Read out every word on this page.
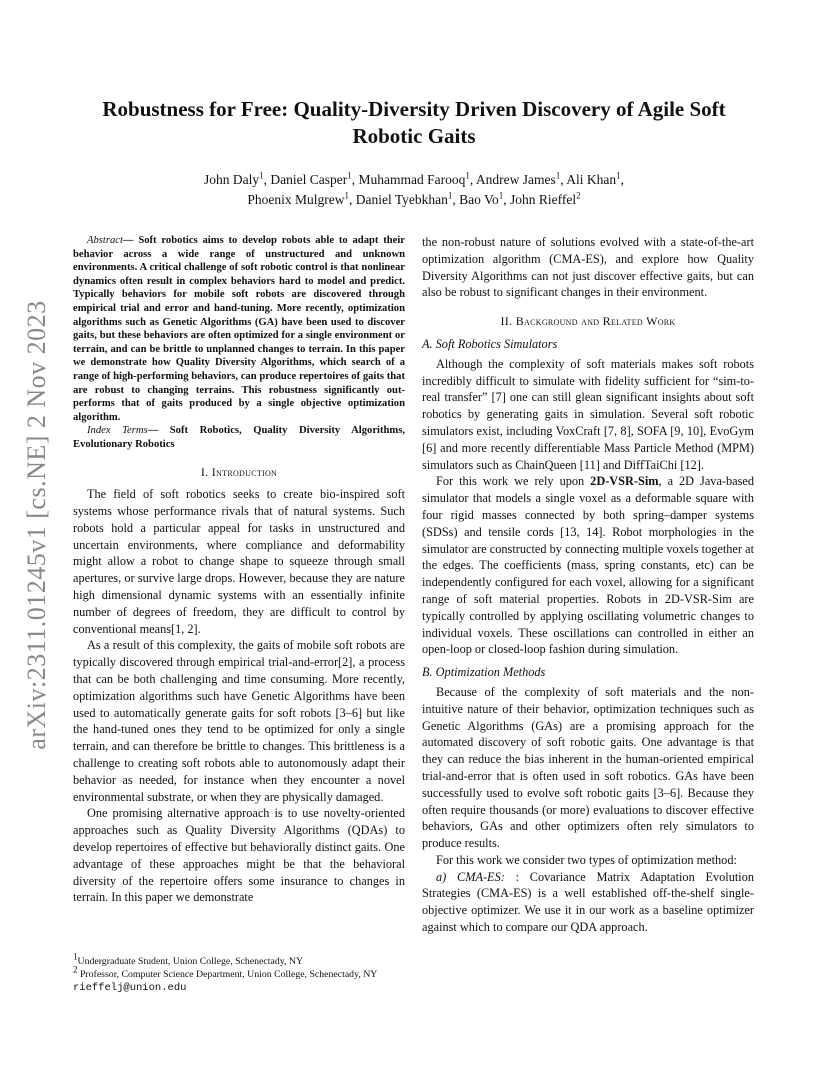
arXiv:2311.01245v1 [cs.NE] 2 Nov 2023
Robustness for Free: Quality-Diversity Driven Discovery of Agile Soft Robotic Gaits
John Daly$^1$, Daniel Casper$^1$, Muhammad Farooq$^1$, Andrew James$^1$, Ali Khan$^1$,
Phoenix Mulgrew$^1$, Daniel Tyebkhan$^1$, Bao Vo$^1$, John Rieffel$^2$

Abstract— Soft robotics aims to develop robots able to adapt their behavior across a wide range of unstructured and unknown environments. A critical challenge of soft robotic control is that nonlinear dynamics often result in complex behaviors hard to model and predict. Typically behaviors for mobile soft robots are discovered through empirical trial and error and hand-tuning. More recently, optimization algorithms such as Genetic Algorithms (GA) have been used to discover gaits, but these behaviors are often optimized for a single environment or terrain, and can be brittle to unplanned changes to terrain. In this paper we demonstrate how Quality Diversity Algorithms, which search of a range of high-performing behaviors, can produce repertoires of gaits that are robust to changing terrains. This robustness significantly out-performs that of gaits produced by a single objective optimization algorithm.

Index Terms— Soft Robotics, Quality Diversity Algorithms, Evolutionary Robotics

I. Introduction

The field of soft robotics seeks to create bio-inspired soft systems whose performance rivals that of natural systems. Such robots hold a particular appeal for tasks in unstructured and uncertain environments, where compliance and deformability might allow a robot to change shape to squeeze through small apertures, or survive large drops. However, because they are nature high dimensional dynamic systems with an essentially infinite number of degrees of freedom, they are difficult to control by conventional means[1, 2].

As a result of this complexity, the gaits of mobile soft robots are typically discovered through empirical trial-and-error[2], a process that can be both challenging and time consuming. More recently, optimization algorithms such have Genetic Algorithms have been used to automatically generate gaits for soft robots [3–6] but like the hand-tuned ones they tend to be optimized for only a single terrain, and can therefore be brittle to changes. This brittleness is a challenge to creating soft robots able to autonomously adapt their behavior as needed, for instance when they encounter a novel environmental substrate, or when they are physically damaged.

One promising alternative approach is to use novelty-oriented approaches such as Quality Diversity Algorithms (QDAs) to develop repertoires of effective but behaviorally distinct gaits. One advantage of these approaches might be that the behavioral diversity of the repertoire offers some insurance to changes in terrain. In this paper we demonstrate

the non-robust nature of solutions evolved with a state-of-the-art optimization algorithm (CMA-ES), and explore how Quality Diversity Algorithms can not just discover effective gaits, but can also be robust to significant changes in their environment.

II. Background and Related Work
A. Soft Robotics Simulators

Although the complexity of soft materials makes soft robots incredibly difficult to simulate with fidelity sufficient for “sim-to-real transfer” [7] one can still glean significant insights about soft robotics by generating gaits in simulation. Several soft robotic simulators exist, including VoxCraft [7, 8], SOFA [9, 10], EvoGym [6] and more recently differentiable Mass Particle Method (MPM) simulators such as ChainQueen [11] and DiffTaiChi [12].

For this work we rely upon 2D-VSR-Sim, a 2D Java-based simulator that models a single voxel as a deformable square with four rigid masses connected by both spring–damper systems (SDSs) and tensile cords [13, 14]. Robot morphologies in the simulator are constructed by connecting multiple voxels together at the edges. The coefficients (mass, spring constants, etc) can be independently configured for each voxel, allowing for a significant range of soft material properties. Robots in 2D-VSR-Sim are typically controlled by applying oscillating volumetric changes to individual voxels. These oscillations can controlled in either an open-loop or closed-loop fashion during simulation.

B. Optimization Methods

Because of the complexity of soft materials and the non-intuitive nature of their behavior, optimization techniques such as Genetic Algorithms (GAs) are a promising approach for the automated discovery of soft robotic gaits. One advantage is that they can reduce the bias inherent in the human-oriented empirical trial-and-error that is often used in soft robotics. GAs have been successfully used to evolve soft robotic gaits [3–6]. Because they often require thousands (or more) evaluations to discover effective behaviors, GAs and other optimizers often rely simulators to produce results.

For this work we consider two types of optimization method:

a) CMA-ES: : Covariance Matrix Adaptation Evolution Strategies (CMA-ES) is a well established off-the-shelf single-objective optimizer. We use it in our work as a baseline optimizer against which to compare our QDA approach.

$^1$Undergraduate Student, Union College, Schenectady, NY

$^2$ Professor, Computer Science Department, Union College, Schenectady, NY rieffelj@union.edu
